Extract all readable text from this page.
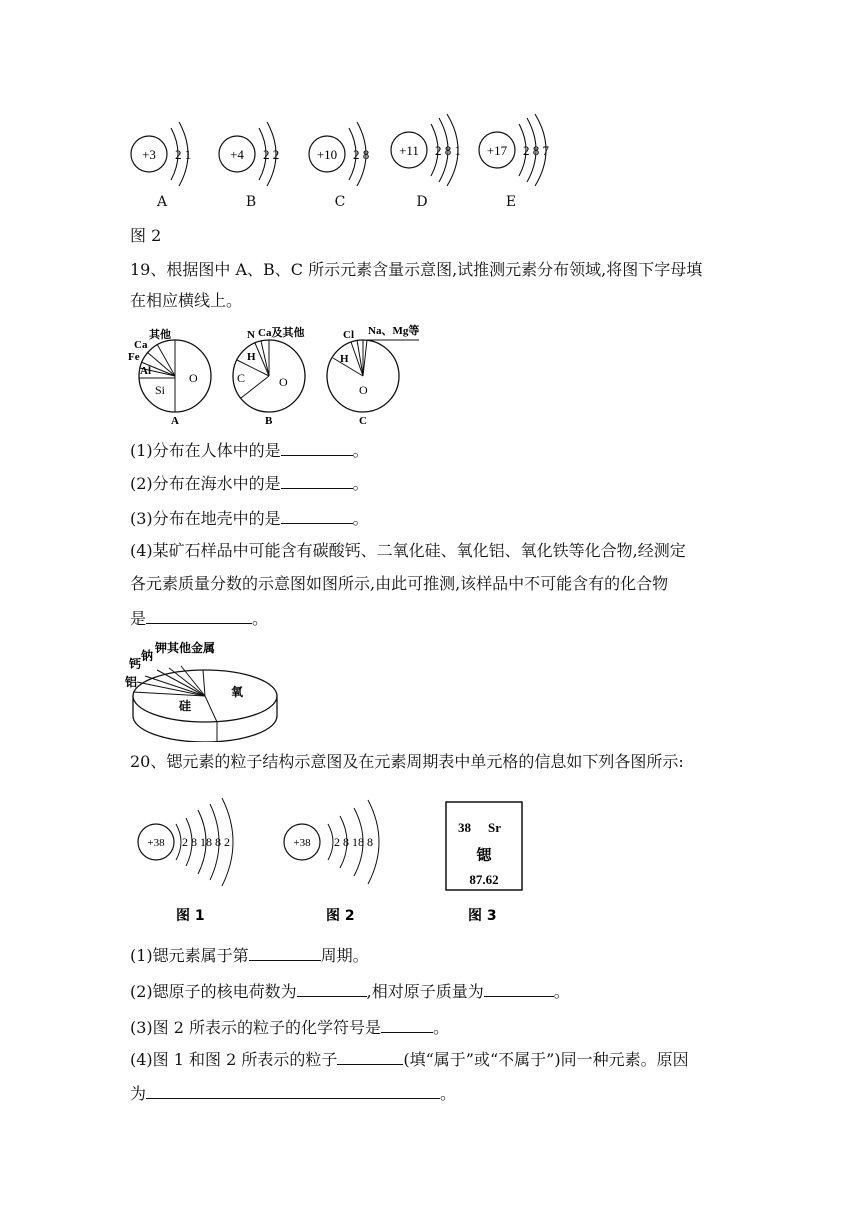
+3 2 1	+4 2 2	+10 2 8 +11 2 8 1 +17 2 8 7
A	B	C	D	E
图 2
19、根据图中 A、B、C 所示元素含量示意图,试推测元素分布领域,将图下字母填
在相应横线上。
其他
Ca
Fe
Al
Si
O
A
N Ca及其他
H
C	O
B
Cl Na、Mg等
H
O
C
(1)分布在人体中的是	。
(2)分布在海水中的是	。
(3)分布在地壳中的是	。
(4)某矿石样品中可能含有碳酸钙、二氧化硅、氧化铝、氧化铁等化合物,经测定
各元素质量分数的示意图如图所示,由此可推测,该样品中不可能含有的化合物
是	。
钾其他金属
钠
钙
铝
硅
氧
20、锶元素的粒子结构示意图及在元素周期表中单元格的信息如下列各图所示:
+38 2 8 18 8 2
图 1
+38 2 8 18 8
图 2
38 Sr
锶
87.62
图 3
(1)锶元素属于第	周期。
(2)锶原子的核电荷数为	,相对原子质量为	。
(3)图 2 所表示的粒子的化学符号是	。
(4)图 1 和图 2 所表示的粒子	(填“属于”或“不属于”)同一种元素。原因
为	。
